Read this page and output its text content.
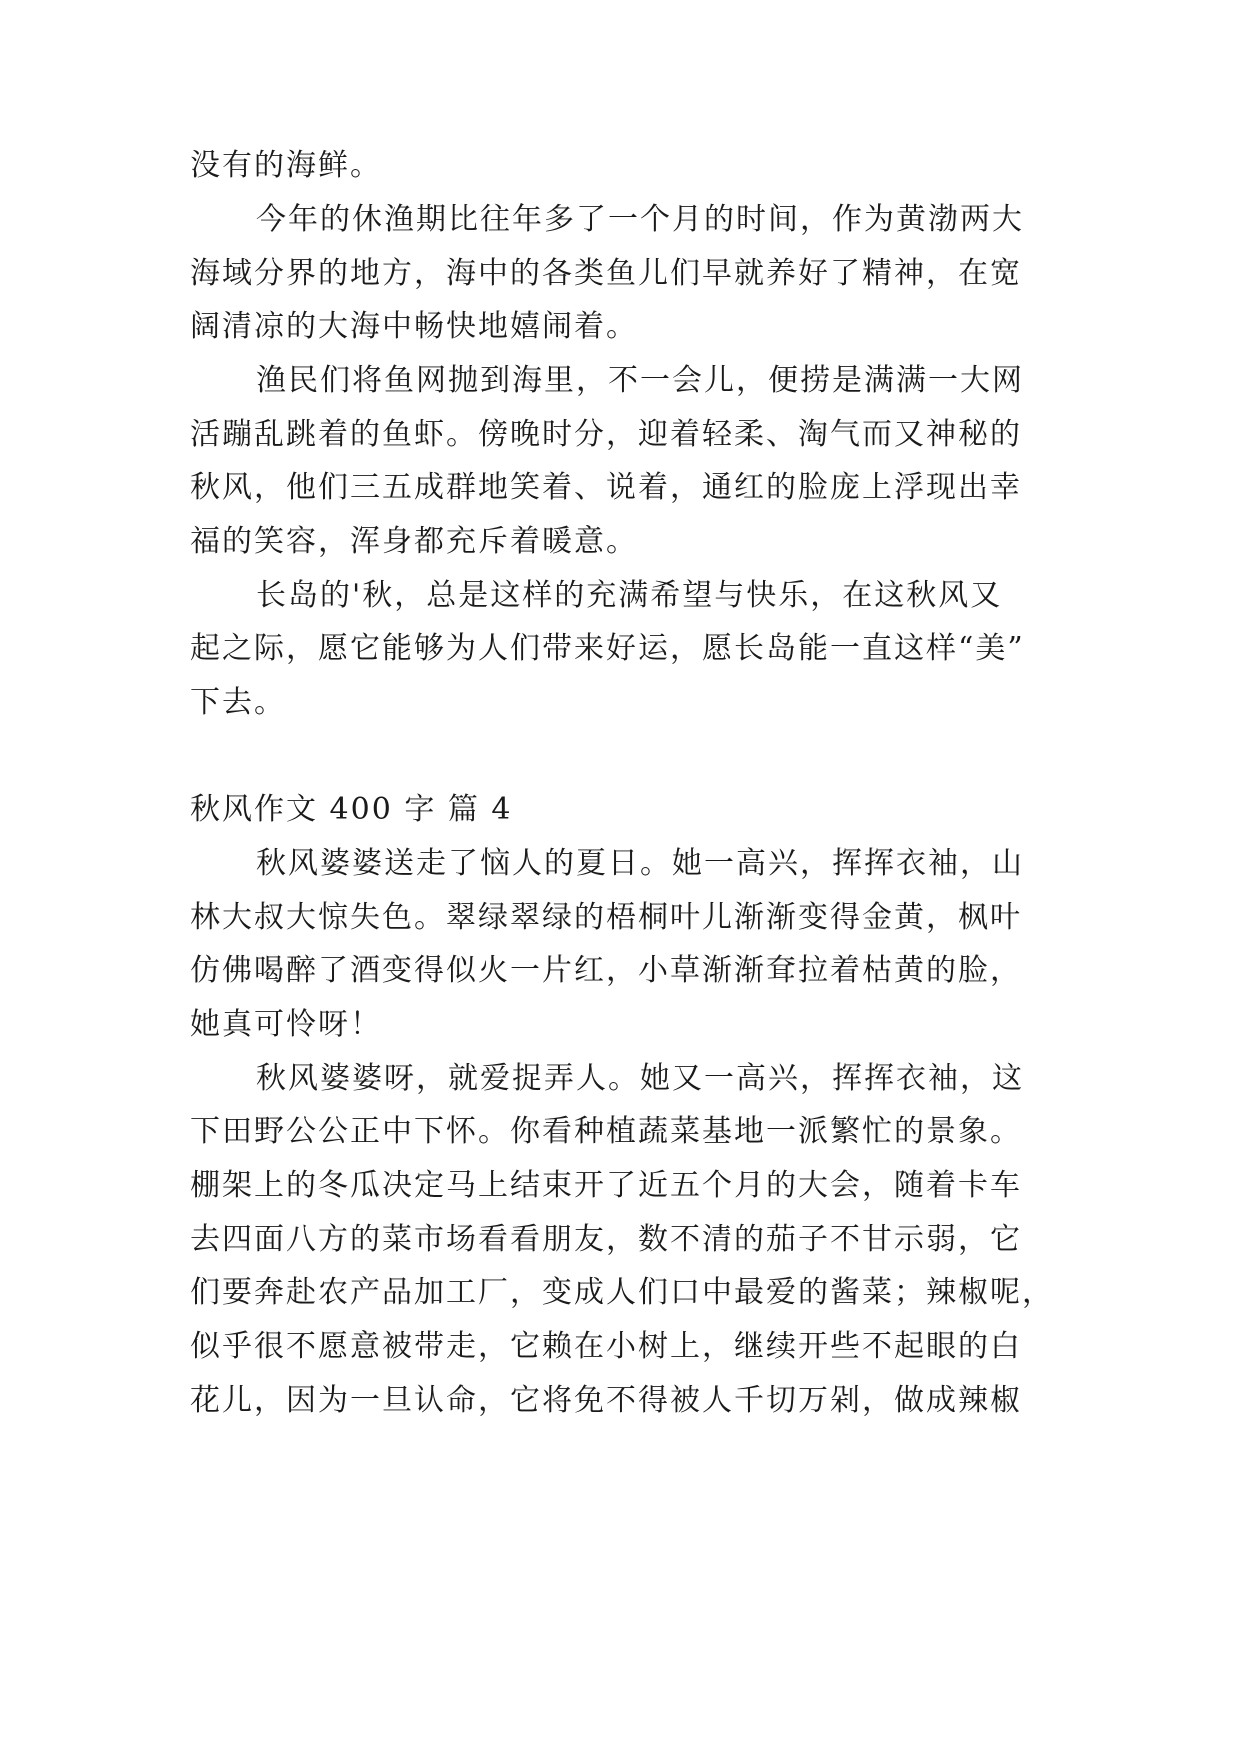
没有的海鲜。
今年的休渔期比往年多了一个月的时间，作为黄渤两大
海域分界的地方，海中的各类鱼儿们早就养好了精神，在宽
阔清凉的大海中畅快地嬉闹着。
渔民们将鱼网抛到海里，不一会儿，便捞是满满一大网
活蹦乱跳着的鱼虾。傍晚时分，迎着轻柔、淘气而又神秘的
秋风，他们三五成群地笑着、说着，通红的脸庞上浮现出幸
福的笑容，浑身都充斥着暖意。
长岛的'秋，总是这样的充满希望与快乐，在这秋风又
起之际，愿它能够为人们带来好运，愿长岛能一直这样“美”
下去。
秋风作文 400 字 篇 4
秋风婆婆送走了恼人的夏日。她一高兴，挥挥衣袖，山
林大叔大惊失色。翠绿翠绿的梧桐叶儿渐渐变得金黄，枫叶
仿佛喝醉了酒变得似火一片红，小草渐渐耷拉着枯黄的脸，
她真可怜呀！
秋风婆婆呀，就爱捉弄人。她又一高兴，挥挥衣袖，这
下田野公公正中下怀。你看种植蔬菜基地一派繁忙的景象。
棚架上的冬瓜决定马上结束开了近五个月的大会，随着卡车
去四面八方的菜市场看看朋友，数不清的茄子不甘示弱，它
们要奔赴农产品加工厂，变成人们口中最爱的酱菜；辣椒呢，
似乎很不愿意被带走，它赖在小树上，继续开些不起眼的白
花儿，因为一旦认命，它将免不得被人千切万剁，做成辣椒
